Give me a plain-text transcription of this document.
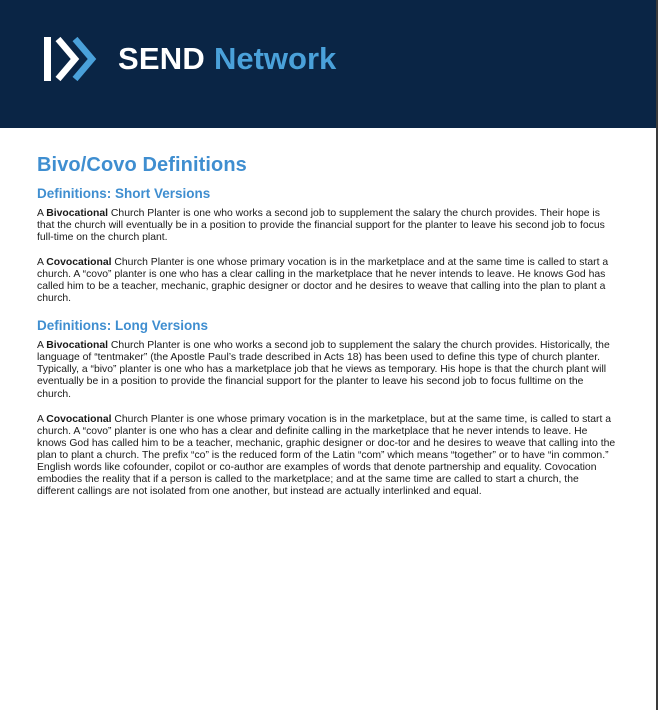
SEND Network
Bivo/Covo Definitions
Definitions: Short Versions

A Bivocational Church Planter is one who works a second job to supplement the salary the church provides. Their hope is that the church will eventually be in a position to provide the financial support for the planter to leave his second job to focus full-time on the church plant.

A Covocational Church Planter is one whose primary vocation is in the marketplace and at the same time is called to start a church. A “covo” planter is one who has a clear calling in the marketplace that he never intends to leave. He knows God has called him to be a teacher, mechanic, graphic designer or doctor and he desires to weave that calling into the plan to plant a church.

Definitions: Long Versions

A Bivocational Church Planter is one who works a second job to supplement the salary the church provides. Historically, the language of “tentmaker” (the Apostle Paul’s trade described in Acts 18) has been used to define this type of church planter. Typically, a “bivo” planter is one who has a marketplace job that he views as temporary. His hope is that the church plant will eventually be in a position to provide the financial support for the planter to leave his second job to focus fulltime on the church.

A Covocational Church Planter is one whose primary vocation is in the marketplace, but at the same time, is called to start a church. A “covo” planter is one who has a clear and definite calling in the marketplace that he never intends to leave. He knows God has called him to be a teacher, mechanic, graphic designer or doc-tor and he desires to weave that calling into the plan to plant a church. The prefix “co” is the reduced form of the Latin “com” which means “together” or to have “in common.” English words like cofounder, copilot or co-author are examples of words that denote partnership and equality. Covocation embodies the reality that if a person is called to the marketplace; and at the same time are called to start a church, the different callings are not isolated from one another, but instead are actually interlinked and equal.
